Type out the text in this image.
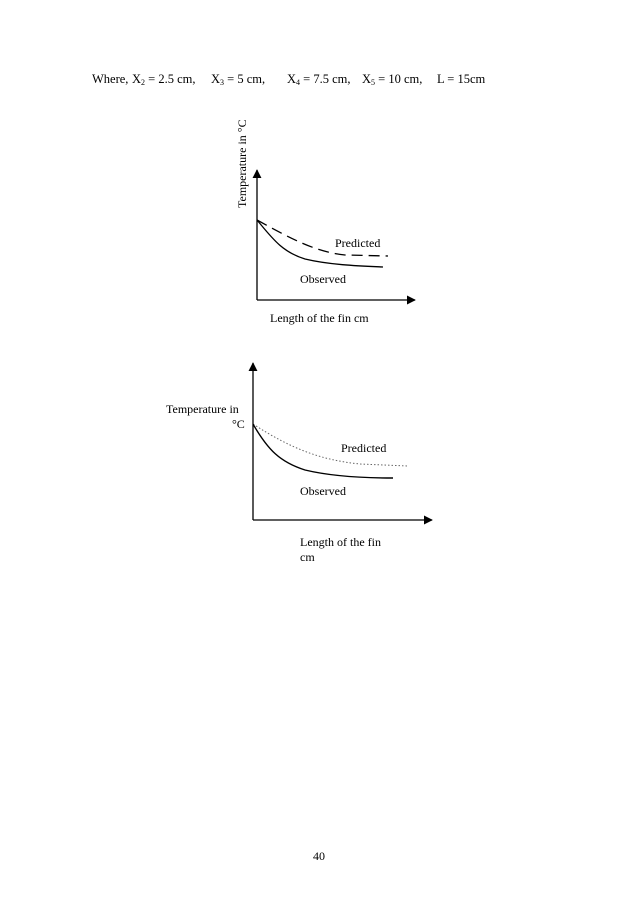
Where, $X_2 = 2.5$ cm, $X_3 = 5$ cm, $X_4 = 7.5$ cm, $X_5 = 10$ cm, L = 15cm
Temperature in °C
Predicted
Observed
Length of the fin cm
Temperature in
°C
Predicted
Observed
Length of the fin
cm
40
